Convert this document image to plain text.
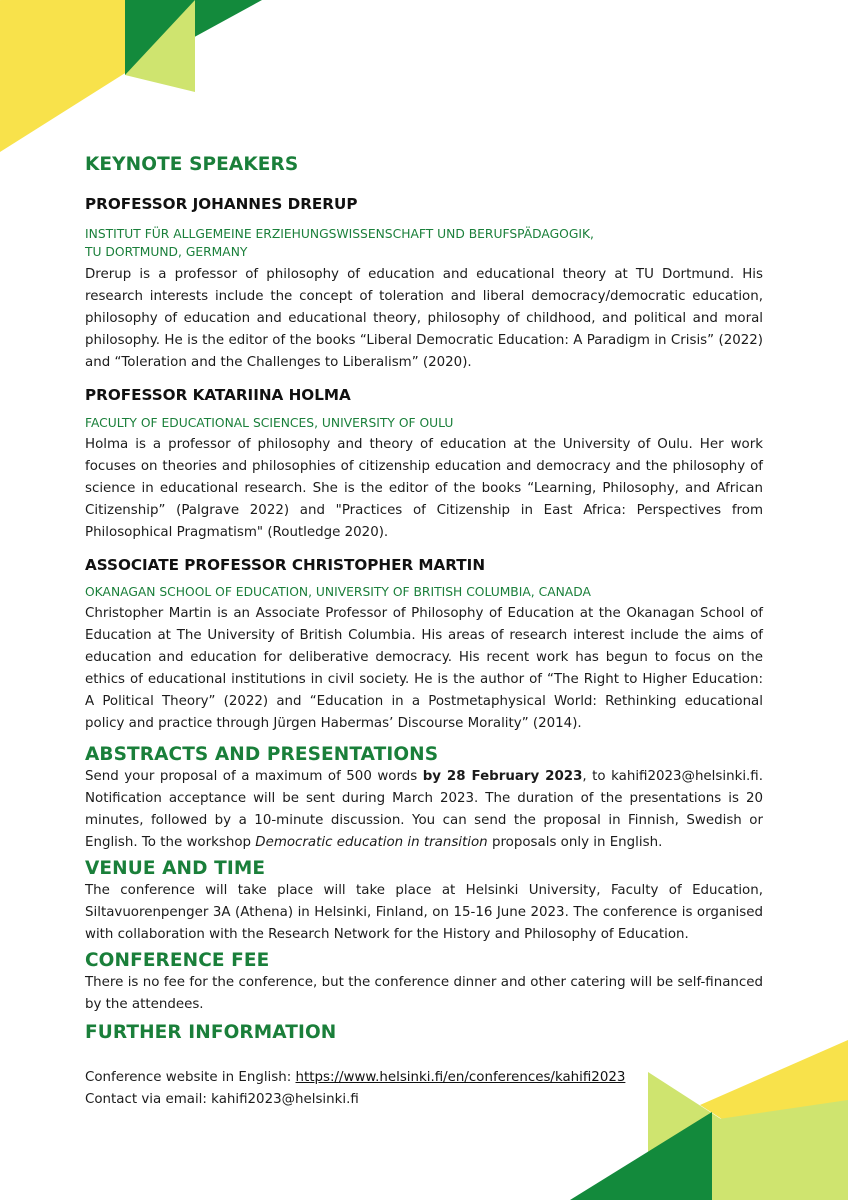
KEYNOTE SPEAKERS
PROFESSOR JOHANNES DRERUP

INSTITUT FÜR ALLGEMEINE ERZIEHUNGSWISSENSCHAFT UND BERUFSPÄDAGOGIK,

TU DORTMUND, GERMANY

Drerup is a professor of philosophy of education and educational theory at TU Dortmund. His research interests include the concept of toleration and liberal democracy/democratic education, philosophy of education and educational theory, philosophy of childhood, and political and moral philosophy. He is the editor of the books “Liberal Democratic Education: A Paradigm in Crisis” (2022) and “Toleration and the Challenges to Liberalism” (2020).

PROFESSOR KATARIINA HOLMA

FACULTY OF EDUCATIONAL SCIENCES, UNIVERSITY OF OULU

Holma is a professor of philosophy and theory of education at the University of Oulu. Her work focuses on theories and philosophies of citizenship education and democracy and the philosophy of science in educational research. She is the editor of the books “Learning, Philosophy, and African Citizenship” (Palgrave 2022) and "Practices of Citizenship in East Africa: Perspectives from Philosophical Pragmatism" (Routledge 2020).

ASSOCIATE PROFESSOR CHRISTOPHER MARTIN

OKANAGAN SCHOOL OF EDUCATION, UNIVERSITY OF BRITISH COLUMBIA, CANADA

Christopher Martin is an Associate Professor of Philosophy of Education at the Okanagan School of Education at The University of British Columbia. His areas of research interest include the aims of education and education for deliberative democracy. His recent work has begun to focus on the ethics of educational institutions in civil society. He is the author of “The Right to Higher Education: A Political Theory” (2022) and “Education in a Postmetaphysical World: Rethinking educational policy and practice through Jürgen Habermas’ Discourse Morality” (2014).

ABSTRACTS AND PRESENTATIONS

Send your proposal of a maximum of 500 words by 28 February 2023, to kahifi2023@helsinki.fi. Notification acceptance will be sent during March 2023. The duration of the presentations is 20 minutes, followed by a 10-minute discussion. You can send the proposal in Finnish, Swedish or English. To the workshop Democratic education in transition proposals only in English.

VENUE AND TIME

The conference will take place will take place at Helsinki University, Faculty of Education, Siltavuorenpenger 3A (Athena) in Helsinki, Finland, on 15-16 June 2023. The conference is organised with collaboration with the Research Network for the History and Philosophy of Education.

CONFERENCE FEE

There is no fee for the conference, but the conference dinner and other catering will be self-financed by the attendees.

FURTHER INFORMATION

Conference website in English: https://www.helsinki.fi/en/conferences/kahifi2023

Contact via email: kahifi2023@helsinki.fi
